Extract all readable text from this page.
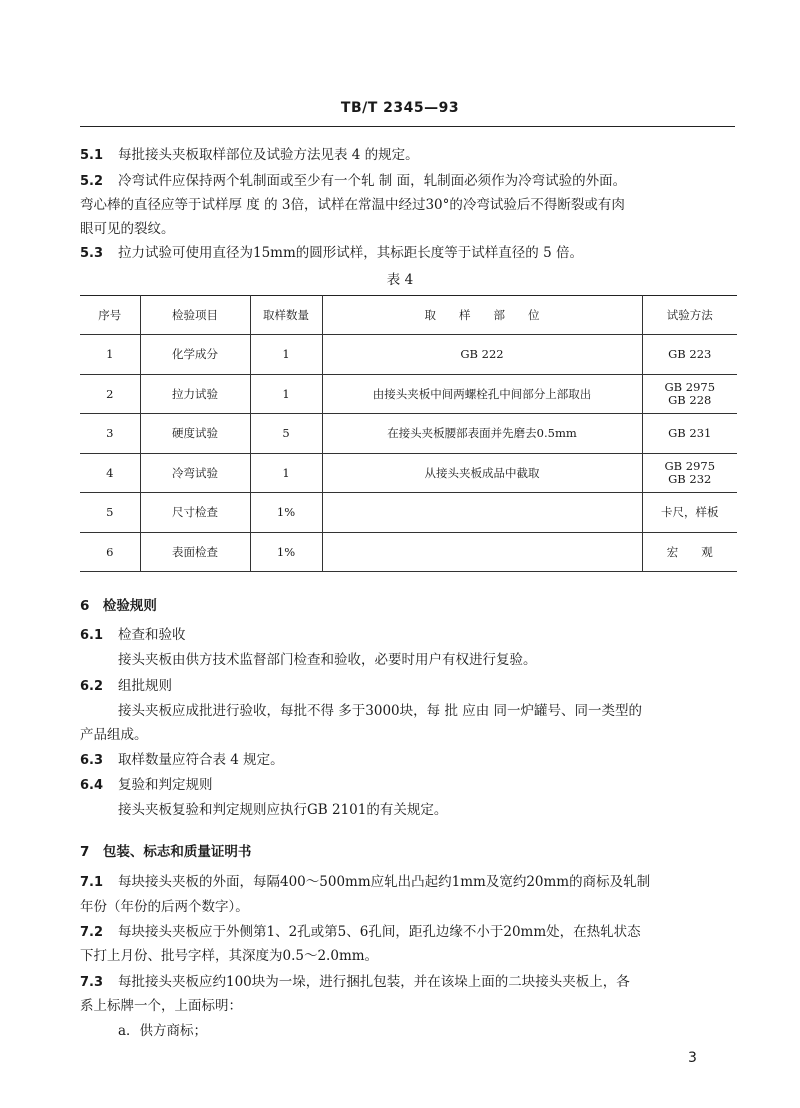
TB/T 2345—93
5.1 每批接头夹板取样部位及试验方法见表 4 的规定。
5.2 冷弯试件应保持两个轧制面或至少有一个轧 制 面，轧制面必须作为冷弯试验的外面。
弯心棒的直径应等于试样厚 度 的 3倍，试样在常温中经过30°的冷弯试验后不得断裂或有肉
眼可见的裂纹。
5.3 拉力试验可使用直径为15mm的圆形试样，其标距长度等于试样直径的 5 倍。
表 4
序号	检验项目	取样数量	取　　样　　部　　位	试验方法
1	化学成分	1	GB 222	GB 223
2	拉力试验	1	由接头夹板中间两螺栓孔中间部分上部取出	GB 2975
GB 228
3	硬度试验	5	在接头夹板腰部表面并先磨去0.5mm	GB 231
4	冷弯试验	1	从接头夹板成品中截取	GB 2975
GB 232
5	尺寸检查	1%		卡尺，样板
6	表面检查	1%		宏　　观
6　检验规则
6.1 检查和验收
接头夹板由供方技术监督部门检查和验收，必要时用户有权进行复验。
6.2 组批规则
接头夹板应成批进行验收，每批不得 多于3000块，每 批 应由 同一炉罐号、同一类型的
产品组成。
6.3 取样数量应符合表 4 规定。
6.4 复验和判定规则
接头夹板复验和判定规则应执行GB 2101的有关规定。
7　包装、标志和质量证明书
7.1 每块接头夹板的外面，每隔400～500mm应轧出凸起约1mm及宽约20mm的商标及轧制
年份（年份的后两个数字）。
7.2 每块接头夹板应于外侧第1、2孔或第5、6孔间，距孔边缘不小于20mm处，在热轧状态
下打上月份、批号字样，其深度为0.5～2.0mm。
7.3 每批接头夹板应约100块为一垛，进行捆扎包装，并在该垛上面的二块接头夹板上，各
系上标牌一个，上面标明：
a．供方商标；
3
